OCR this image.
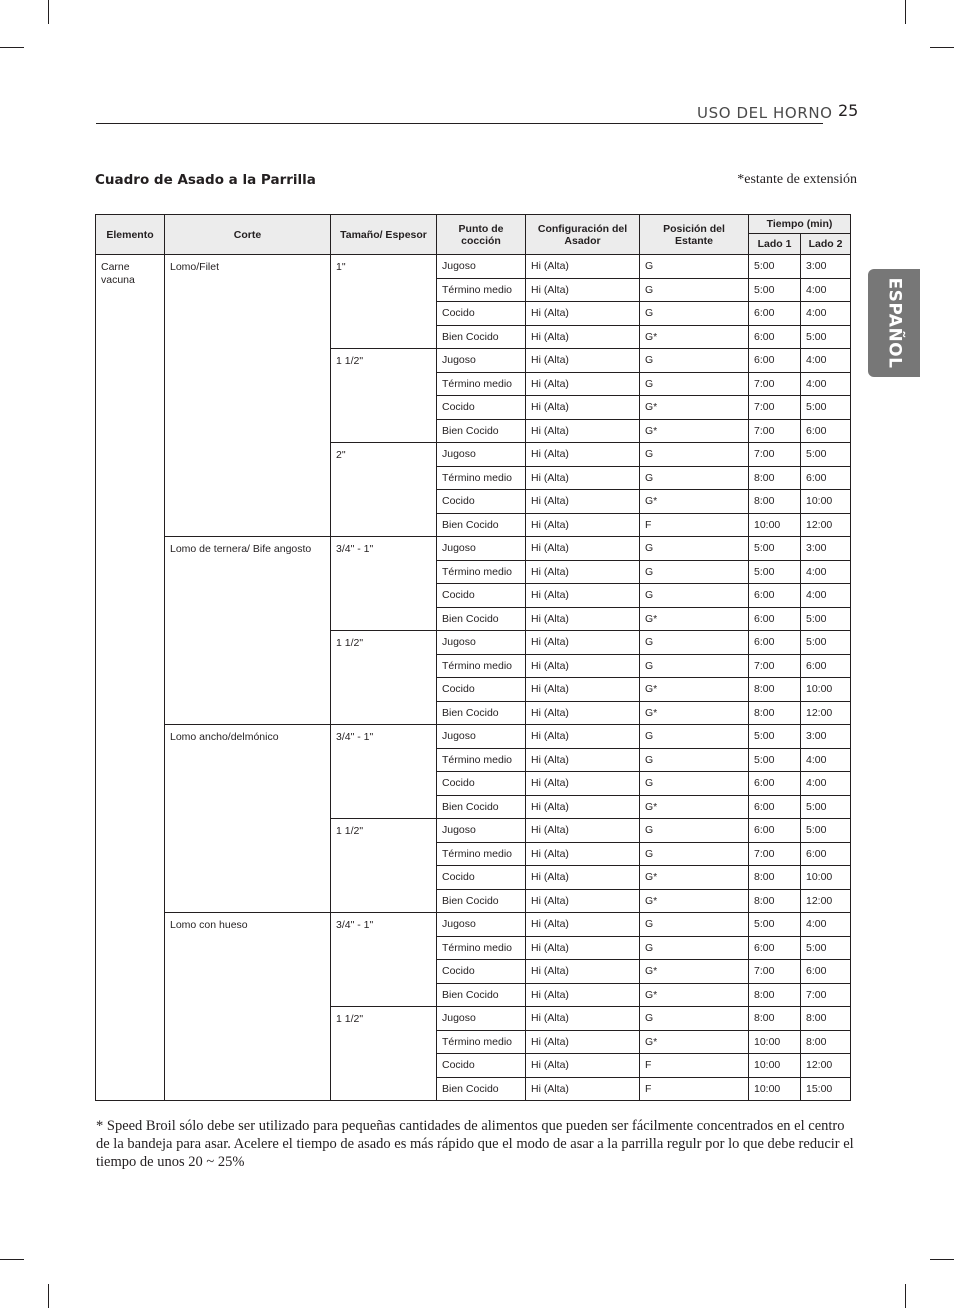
USO DEL HORNO 25
ESPAÑOL
Cuadro de Asado a la Parrilla	*estante de extensión
Elemento	Corte	Tamaño/ Espesor	Punto de cocción	Configuración del Asador	Posición del Estante	Tiempo (min)	
						Lado 1	Lado 2
Carne vacuna	Lomo/Filet	1"	Jugoso	Hi (Alta)	G	5:00	3:00
			Término medio	Hi (Alta)	G	5:00	4:00
			Cocido	Hi (Alta)	G	6:00	4:00
			Bien Cocido	Hi (Alta)	G*	6:00	5:00
		1 1/2"	Jugoso	Hi (Alta)	G	6:00	4:00
			Término medio	Hi (Alta)	G	7:00	4:00
			Cocido	Hi (Alta)	G*	7:00	5:00
			Bien Cocido	Hi (Alta)	G*	7:00	6:00
		2"	Jugoso	Hi (Alta)	G	7:00	5:00
			Término medio	Hi (Alta)	G	8:00	6:00
			Cocido	Hi (Alta)	G*	8:00	10:00
			Bien Cocido	Hi (Alta)	F	10:00	12:00
	Lomo de ternera/ Bife angosto	3/4" - 1"	Jugoso	Hi (Alta)	G	5:00	3:00
			Término medio	Hi (Alta)	G	5:00	4:00
			Cocido	Hi (Alta)	G	6:00	4:00
			Bien Cocido	Hi (Alta)	G*	6:00	5:00
		1 1/2"	Jugoso	Hi (Alta)	G	6:00	5:00
			Término medio	Hi (Alta)	G	7:00	6:00
			Cocido	Hi (Alta)	G*	8:00	10:00
			Bien Cocido	Hi (Alta)	G*	8:00	12:00
	Lomo ancho/delmónico	3/4" - 1"	Jugoso	Hi (Alta)	G	5:00	3:00
			Término medio	Hi (Alta)	G	5:00	4:00
			Cocido	Hi (Alta)	G	6:00	4:00
			Bien Cocido	Hi (Alta)	G*	6:00	5:00
		1 1/2"	Jugoso	Hi (Alta)	G	6:00	5:00
			Término medio	Hi (Alta)	G	7:00	6:00
			Cocido	Hi (Alta)	G*	8:00	10:00
			Bien Cocido	Hi (Alta)	G*	8:00	12:00
	Lomo con hueso	3/4" - 1"	Jugoso	Hi (Alta)	G	5:00	4:00
			Término medio	Hi (Alta)	G	6:00	5:00
			Cocido	Hi (Alta)	G*	7:00	6:00
			Bien Cocido	Hi (Alta)	G*	8:00	7:00
		1 1/2"	Jugoso	Hi (Alta)	G	8:00	8:00
			Término medio	Hi (Alta)	G*	10:00	8:00
			Cocido	Hi (Alta)	F	10:00	12:00
			Bien Cocido	Hi (Alta)	F	10:00	15:00
* Speed Broil sólo debe ser utilizado para pequeñas cantidades de alimentos que pueden ser fácilmente concentrados en el centro de la bandeja para asar. Acelere el tiempo de asado es más rápido que el modo de asar a la parrilla regulr por lo que debe reducir el tiempo de unos 20 ~ 25%
